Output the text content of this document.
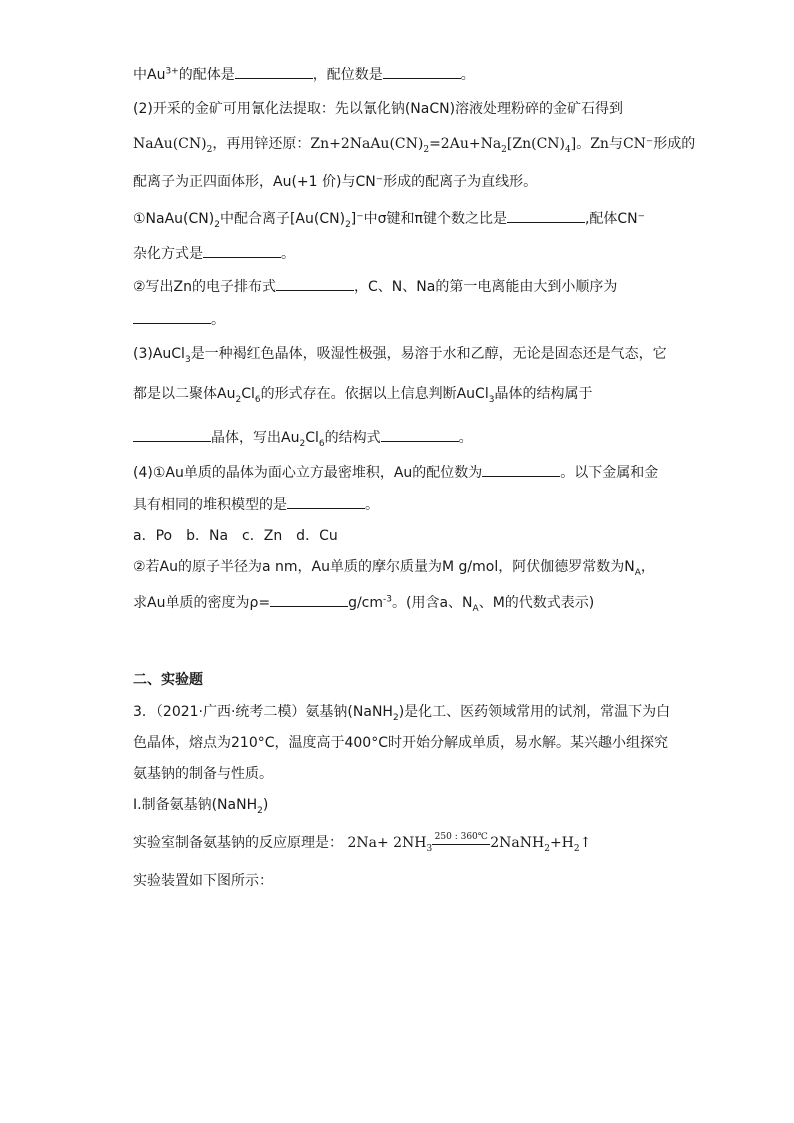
中$Au^{3+}$的配体是	，配位数是	。
(2)开采的金矿可用氰化法提取：先以氰化钠(NaCN)溶液处理粉碎的金矿石得到
$NaAu(CN)_2$，再用锌还原：$Zn+2NaAu(CN)_2=2Au+Na_2[Zn(CN)_4]$。Zn与CN⁻形成的
配离子为正四面体形，Au(+1 价)与CN⁻形成的配离子为直线形。
$①NaAu(CN)_2$中配合离子$[Au(CN)_2]^-$中σ键和π键个数之比是	,配体CN⁻
杂化方式是	。
②写出Zn的电子排布式	，C、N、Na的第一电离能由大到小顺序为
。
(3)AuCl$_3$是一种褐红色晶体，吸湿性极强，易溶于水和乙醇，无论是固态还是气态，它
都是以二聚体$Au_2Cl_6$的形式存在。依据以上信息判断AuCl$_3$晶体的结构属于
晶体，写出$Au_2Cl_6$的结构式	。
(4)①Au单质的晶体为面心立方最密堆积，Au的配位数为	。以下金属和金
具有相同的堆积模型的是	。
a．Po　b．Na　c．Zn　d．Cu
②若Au的原子半径为a nm，Au单质的摩尔质量为M g/mol，阿伏伽德罗常数为$N_A$，
求Au单质的密度为ρ=	$g/cm^{-3}$。(用含a、$N_A$、M的代数式表示)
二、实验题
3．（2021·广西·统考二模）氨基钠(NaNH$_2$)是化工、医药领域常用的试剂，常温下为白
色晶体，熔点为210°C，温度高于400°C时开始分解成单质，易水解。某兴趣小组探究
氨基钠的制备与性质。
I.制备氨基钠(NaNH$_2$)
实验室制备氨基钠的反应原理是： $2Na+ 2NH_3$
250 : 360℃ $2NaNH_2+H_2↑$
实验装置如下图所示：
